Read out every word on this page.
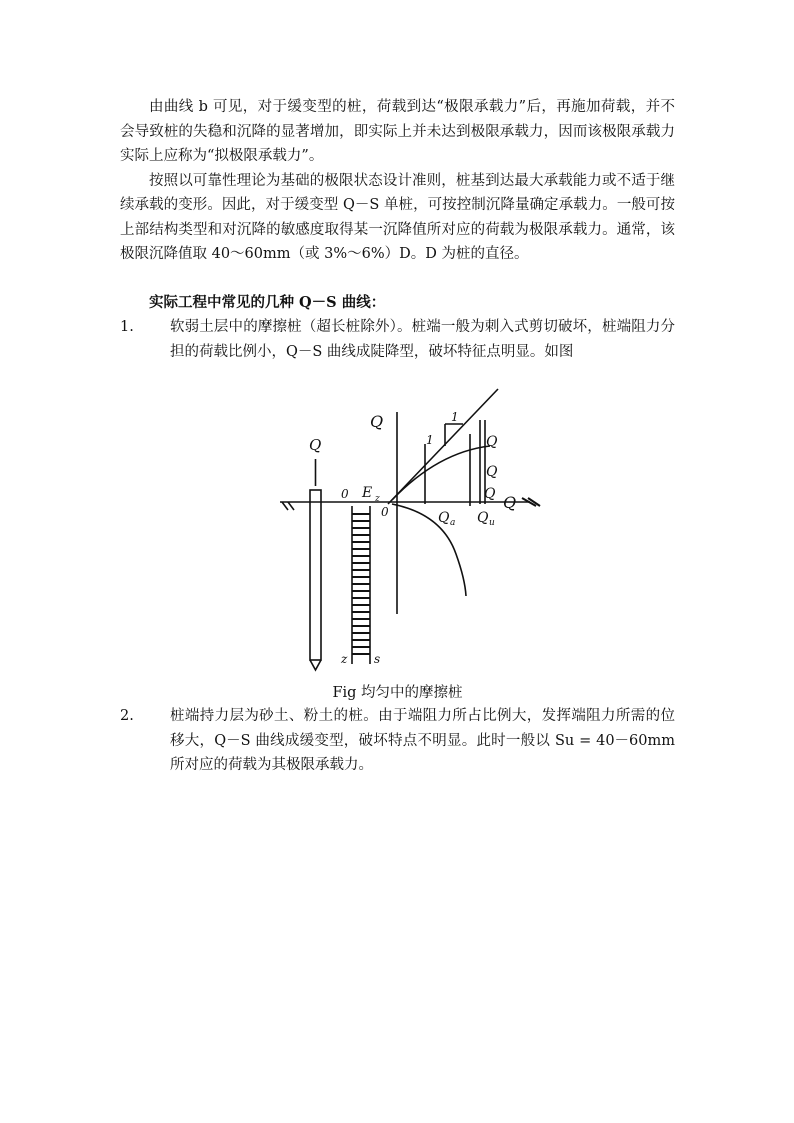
由曲线 b 可见，对于缓变型的桩，荷载到达“极限承载力”后，再施加荷载，并不会导致桩的失稳和沉降的显著增加，即实际上并未达到极限承载力，因而该极限承载力实际上应称为“拟极限承载力”。

按照以可靠性理论为基础的极限状态设计准则，桩基到达最大承载能力或不适于继续承载的变形。因此，对于缓变型 Q－S 单桩，可按控制沉降量确定承载力。一般可按上部结构类型和对沉降的敏感度取得某一沉降值所对应的荷载为极限承载力。通常，该极限沉降值取 40～60mm（或 3%～6%）D。D 为桩的直径。

实际工程中常见的几种 Q－S 曲线：

1. 软弱土层中的摩擦桩（超长桩除外）。桩端一般为刺入式剪切破坏，桩端阻力分担的荷载比例小，Q－S 曲线成陡降型，破坏特征点明显。如图

Q
Q
0 E z
0
1
1
Q
Q a Q u
Q
Q
Q
z s
Fig 均匀中的摩擦桩

2. 桩端持力层为砂土、粉土的桩。由于端阻力所占比例大，发挥端阻力所需的位移大，Q－S 曲线成缓变型，破坏特点不明显。此时一般以 Su = 40－60mm 所对应的荷载为其极限承载力。
